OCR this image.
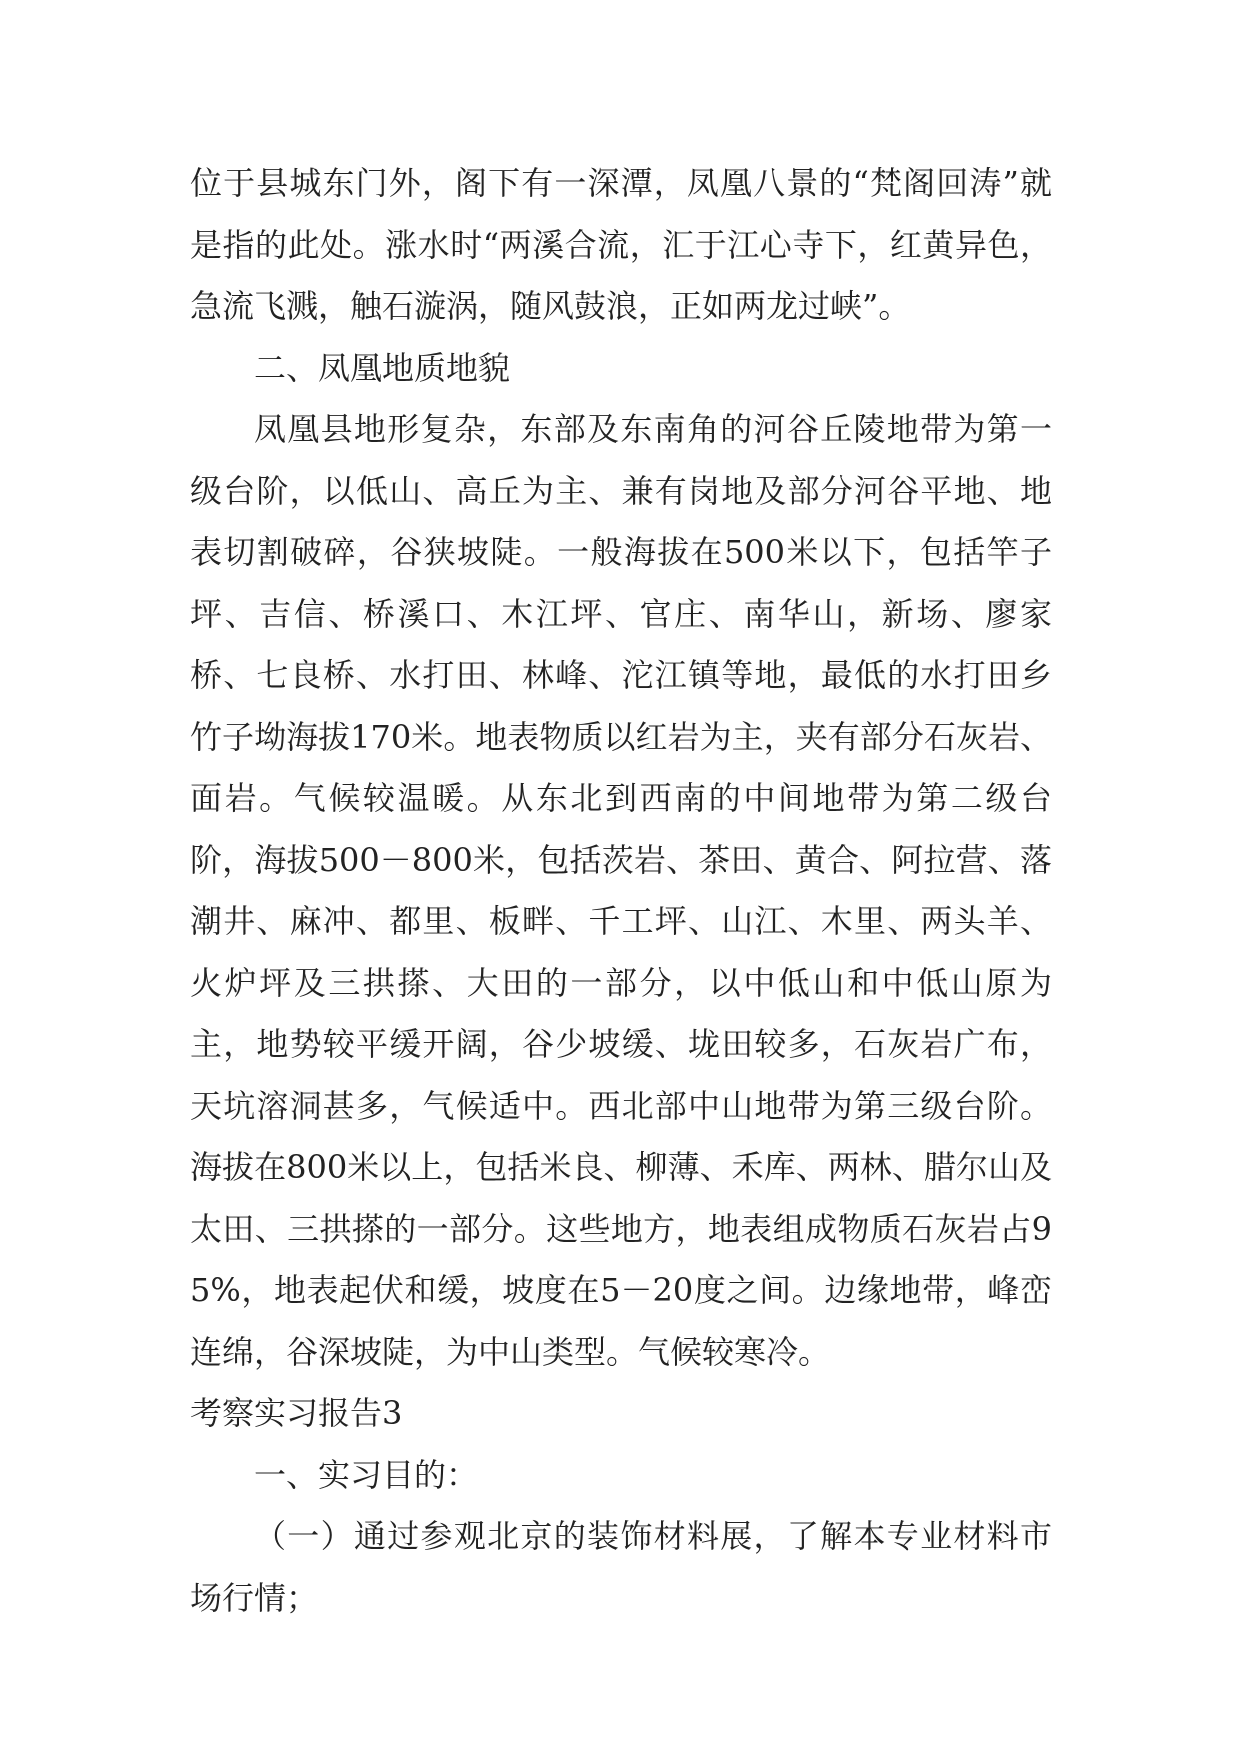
位于县城东门外，阁下有一深潭，凤凰八景的“梵阁回涛”就是指的此处。涨水时“两溪合流，汇于江心寺下，红黄异色，急流飞溅，触石漩涡，随风鼓浪，正如两龙过峡”。

二、凤凰地质地貌

凤凰县地形复杂，东部及东南角的河谷丘陵地带为第一级台阶，以低山、高丘为主、兼有岗地及部分河谷平地、地表切割破碎，谷狭坡陡。一般海拔在500米以下，包括竿子坪、吉信、桥溪口、木江坪、官庄、南华山，新场、廖家桥、七良桥、水打田、林峰、沱江镇等地，最低的水打田乡竹子坳海拔170米。地表物质以红岩为主，夹有部分石灰岩、面岩。气候较温暖。从东北到西南的中间地带为第二级台阶，海拔500－800米，包括茨岩、茶田、黄合、阿拉营、落潮井、麻冲、都里、板畔、千工坪、山江、木里、两头羊、火炉坪及三拱搽、大田的一部分，以中低山和中低山原为主，地势较平缓开阔，谷少坡缓、垅田较多，石灰岩广布，天坑溶洞甚多，气候适中。西北部中山地带为第三级台阶。海拔在800米以上，包括米良、柳薄、禾库、两林、腊尔山及太田、三拱搽的一部分。这些地方，地表组成物质石灰岩占95%，地表起伏和缓，坡度在5－20度之间。边缘地带，峰峦连绵，谷深坡陡，为中山类型。气候较寒冷。

考察实习报告3

一、实习目的：

（一）通过参观北京的装饰材料展，了解本专业材料市场行情；
